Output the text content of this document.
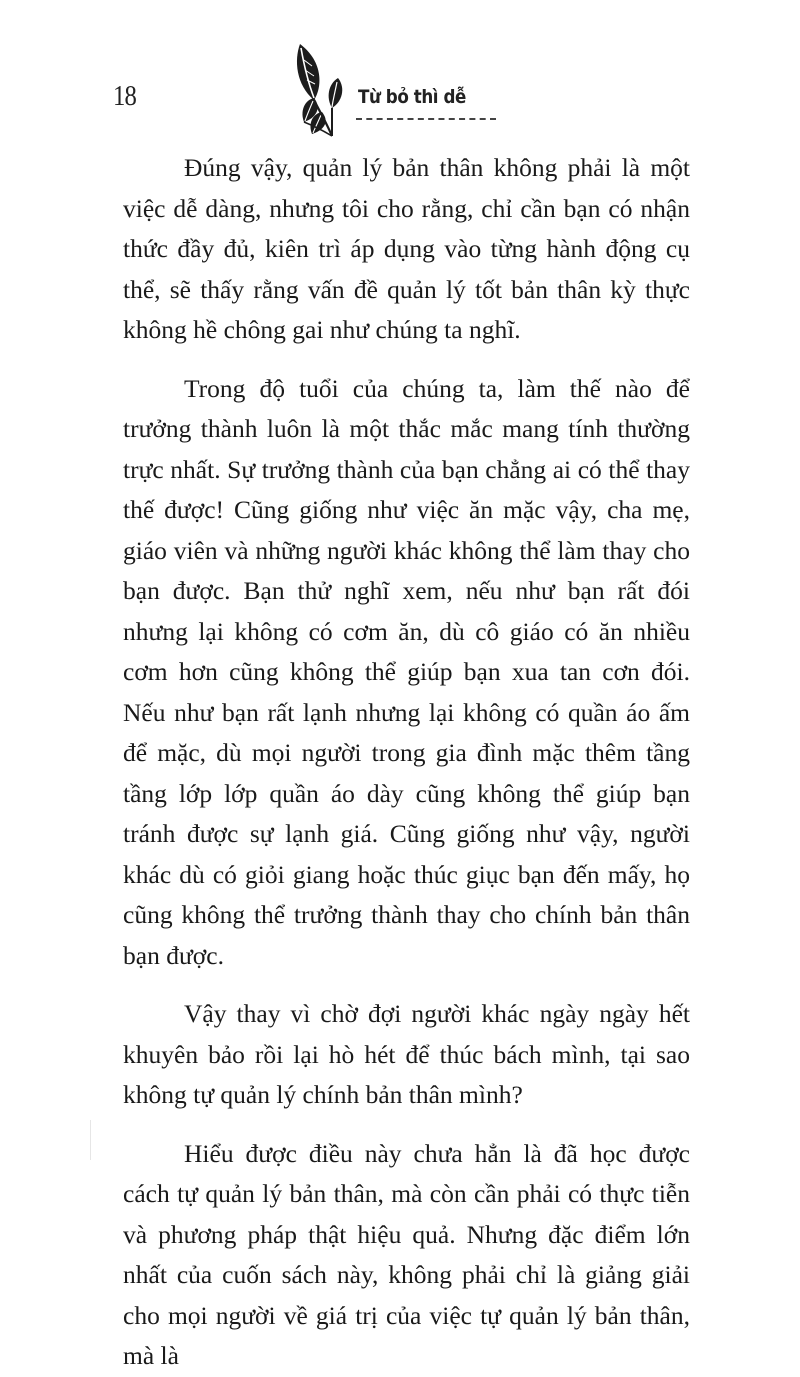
18	Từ bỏ thì dễ

Đúng vậy, quản lý bản thân không phải là một việc dễ dàng, nhưng tôi cho rằng, chỉ cần bạn có nhận thức đầy đủ, kiên trì áp dụng vào từng hành động cụ thể, sẽ thấy rằng vấn đề quản lý tốt bản thân kỳ thực không hề chông gai như chúng ta nghĩ.

Trong độ tuổi của chúng ta, làm thế nào để trưởng thành luôn là một thắc mắc mang tính thường trực nhất. Sự trưởng thành của bạn chẳng ai có thể thay thế được! Cũng giống như việc ăn mặc vậy, cha mẹ, giáo viên và những người khác không thể làm thay cho bạn được. Bạn thử nghĩ xem, nếu như bạn rất đói nhưng lại không có cơm ăn, dù cô giáo có ăn nhiều cơm hơn cũng không thể giúp bạn xua tan cơn đói. Nếu như bạn rất lạnh nhưng lại không có quần áo ấm để mặc, dù mọi người trong gia đình mặc thêm tầng tầng lớp lớp quần áo dày cũng không thể giúp bạn tránh được sự lạnh giá. Cũng giống như vậy, người khác dù có giỏi giang hoặc thúc giục bạn đến mấy, họ cũng không thể trưởng thành thay cho chính bản thân bạn được.

Vậy thay vì chờ đợi người khác ngày ngày hết khuyên bảo rồi lại hò hét để thúc bách mình, tại sao không tự quản lý chính bản thân mình?

Hiểu được điều này chưa hẳn là đã học được cách tự quản lý bản thân, mà còn cần phải có thực tiễn và phương pháp thật hiệu quả. Nhưng đặc điểm lớn nhất của cuốn sách này, không phải chỉ là giảng giải cho mọi người về giá trị của việc tự quản lý bản thân, mà là
